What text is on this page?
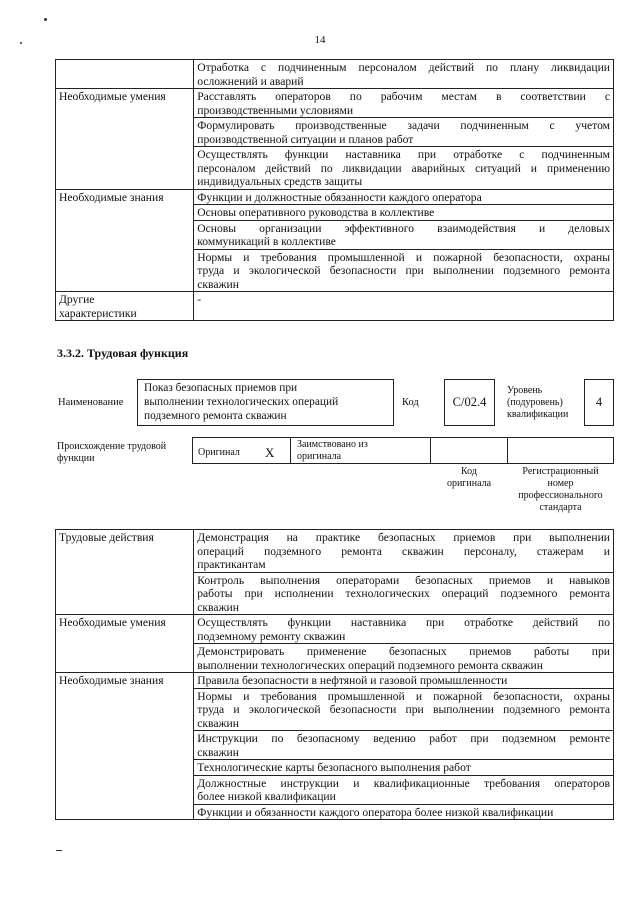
14

	Отработка с подчиненным персоналом действий по плану ликвидации
осложнений и аварий

Необходимые умения	Расставлять операторов по рабочим местам в соответствии с
производственными условиями

	Формулировать производственные задачи подчиненным с учетом
производственной ситуации и планов работ

	Осуществлять функции наставника при отработке с подчиненным
персоналом действий по ликвидации аварийных ситуаций и применению
индивидуальных средств защиты

Необходимые знания	Функции и должностные обязанности каждого оператора

	Основы оперативного руководства в коллективе

	Основы организации эффективного взаимодействия и деловых
коммуникаций в коллективе

	Нормы и требования промышленной и пожарной безопасности, охраны
труда и экологической безопасности при выполнении подземного ремонта
скважин

Другие
характеристики	-
3.3.2. Трудовая функция
Наименование
Показ безопасных приемов при
выполнении технологических операций
подземного ремонта скважин
Код	C/02.4
Уровень
(подуровень)
квалификации
4
Происхождение трудовой
функции
Оригинал X
Заимствовано из
оригинала
Код
оригинала
Регистрационный
номер
профессионального
стандарта
Трудовые действия	Демонстрация на практике безопасных приемов при выполнении
операций подземного ремонта скважин персоналу, стажерам и
практикантам

	Контроль выполнения операторами безопасных приемов и навыков
работы при исполнении технологических операций подземного ремонта
скважин

Необходимые умения	Осуществлять функции наставника при отработке действий по
подземному ремонту скважин

	Демонстрировать применение безопасных приемов работы при
выполнении технологических операций подземного ремонта скважин

Необходимые знания	Правила безопасности в нефтяной и газовой промышленности

	Нормы и требования промышленной и пожарной безопасности, охраны
труда и экологической безопасности при выполнении подземного ремонта
скважин

	Инструкции по безопасному ведению работ при подземном ремонте
скважин

	Технологические карты безопасного выполнения работ

	Должностные инструкции и квалификационные требования операторов
более низкой квалификации

	Функции и обязанности каждого оператора более низкой квалификации
